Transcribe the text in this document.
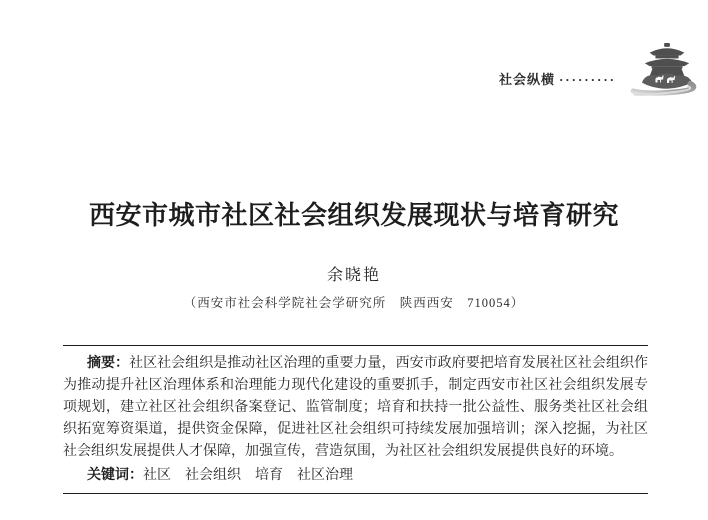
社会纵横 ·········
西安市城市社区社会组织发展现状与培育研究
余晓艳
（西安市社会科学院社会学研究所　陕西西安　710054）

摘要：社区社会组织是推动社区治理的重要力量，西安市政府要把培育发展社区社会组织作为推动提升社区治理体系和治理能力现代化建设的重要抓手，制定西安市社区社会组织发展专项规划，建立社区社会组织备案登记、监管制度；培育和扶持一批公益性、服务类社区社会组织拓宽筹资渠道，提供资金保障，促进社区社会组织可持续发展加强培训；深入挖掘，为社区社会组织发展提供人才保障，加强宣传，营造氛围，为社区社会组织发展提供良好的环境。

关键词：社区　社会组织　培育　社区治理
